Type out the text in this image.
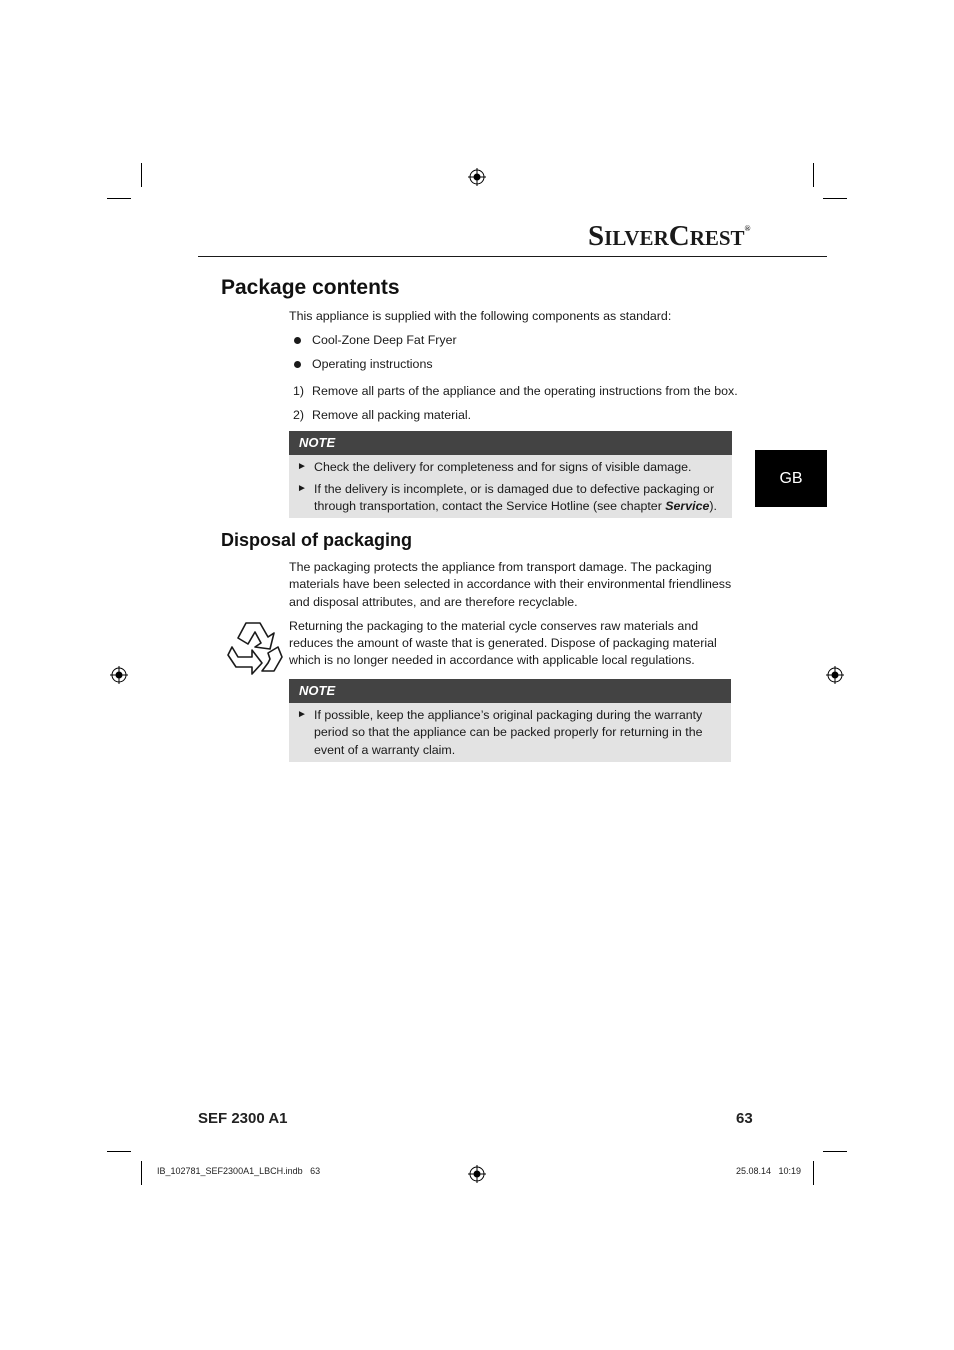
SILVERCREST®
Package contents
This appliance is supplied with the following components as standard:
Cool-Zone Deep Fat Fryer
Operating instructions
1) Remove all parts of the appliance and the operating instructions from the box.
2) Remove all packing material.
NOTE
► Check the delivery for completeness and for signs of visible damage.
► If the delivery is incomplete, or is damaged due to defective packaging or
through transportation, contact the Service Hotline (see chapter Service).
Disposal of packaging
The packaging protects the appliance from transport damage. The packaging
materials have been selected in accordance with their environmental friendliness
and disposal attributes, and are therefore recyclable.
Returning the packaging to the material cycle conserves raw materials and
reduces the amount of waste that is generated. Dispose of packaging material
which is no longer needed in accordance with applicable local regulations.
NOTE
► If possible, keep the appliance’s original packaging during the warranty
period so that the appliance can be packed properly for returning in the
event of a warranty claim.
GB
SEF 2300 A1	63
IB_102781_SEF2300A1_LBCH.indb   63	25.08.14   10:19
